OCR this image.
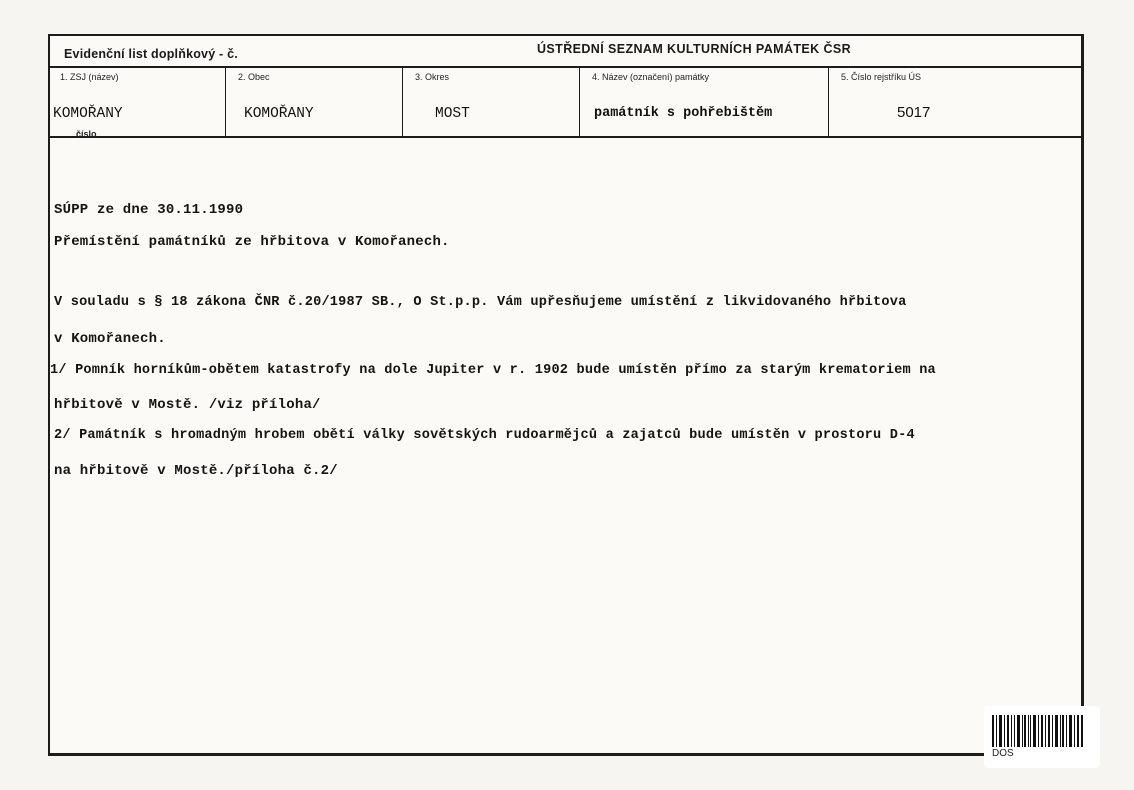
Evidenční list doplňkový - č.	ÚSTŘEDNÍ SEZNAM KULTURNÍCH PAMÁTEK ČSR
1. ZSJ (název)
KOMOŘANY
číslo
2. Obec
KOMOŘANY
3. Okres
MOST
4. Název (označení) památky
památník s pohřebištěm
5. Číslo rejstříku ÚS
5017
SÚPP ze dne 30.11.1990
Přemístění památníků ze hřbitova v Komořanech.
V souladu s § 18 zákona ČNR č.20/1987 SB., O St.p.p. Vám upřesňujeme umístění z likvidovaného hřbitova
v Komořanech.
1/ Pomník horníkům-obětem katastrofy na dole Jupiter v r. 1902 bude umístěn přímo za starým krematoriem na
hřbitově v Mostě. /viz příloha/
2/ Památník s hromadným hrobem obětí války sovětských rudoarmějců a zajatců bude umístěn v prostoru D-4
na hřbitově v Mostě./příloha č.2/
DOS
